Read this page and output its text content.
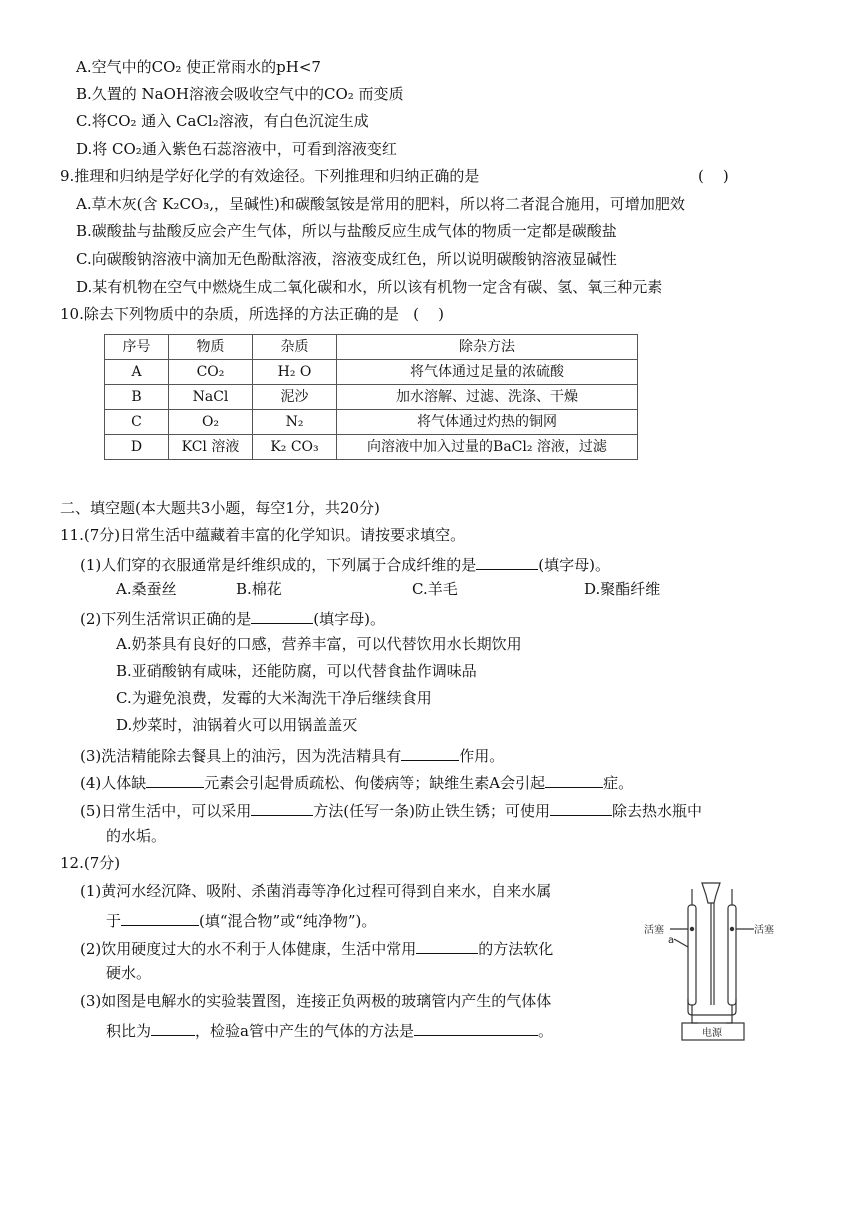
A.空气中的CO₂ 使正常雨水的pH<7
B.久置的 NaOH溶液会吸收空气中的CO₂ 而变质
C.将CO₂ 通入 CaCl₂溶液，有白色沉淀生成
D.将 CO₂通入紫色石蕊溶液中，可看到溶液变红
9.推理和归纳是学好化学的有效途径。下列推理和归纳正确的是	(    )
A.草木灰(含 K₂CO₃,，呈碱性)和碳酸氢铵是常用的肥料，所以将二者混合施用，可增加肥效
B.碳酸盐与盐酸反应会产生气体，所以与盐酸反应生成气体的物质一定都是碳酸盐
C.向碳酸钠溶液中滴加无色酚酞溶液，溶液变成红色，所以说明碳酸钠溶液显碱性
D.某有机物在空气中燃烧生成二氧化碳和水，所以该有机物一定含有碳、氢、氧三种元素
10.除去下列物质中的杂质，所选择的方法正确的是   (    )
序号	物质	杂质	除杂方法
A	CO₂	H₂ O	将气体通过足量的浓硫酸
B	NaCl	泥沙	加水溶解、过滤、洗涤、干燥
C	O₂	N₂	将气体通过灼热的铜网
D	KCl 溶液	K₂ CO₃	向溶液中加入过量的BaCl₂ 溶液，过滤
二、填空题(本大题共3小题，每空1分，共20分)
11.(7分)日常生活中蕴藏着丰富的化学知识。请按要求填空。
(1)人们穿的衣服通常是纤维织成的，下列属于合成纤维的是	(填字母)。
A.桑蚕丝	B.棉花	C.羊毛	D.聚酯纤维
(2)下列生活常识正确的是	(填字母)。
A.奶茶具有良好的口感，营养丰富，可以代替饮用水长期饮用
B.亚硝酸钠有咸味，还能防腐，可以代替食盐作调味品
C.为避免浪费，发霉的大米淘洗干净后继续食用
D.炒菜时，油锅着火可以用锅盖盖灭
(3)洗洁精能除去餐具上的油污，因为洗洁精具有	作用。
(4)人体缺	元素会引起骨质疏松、佝偻病等；缺维生素A会引起	症。
(5)日常生活中，可以采用	方法(任写一条)防止铁生锈；可使用	除去热水瓶中
的水垢。
12.(7分)
(1)黄河水经沉降、吸附、杀菌消毒等净化过程可得到自来水，自来水属
于	(填“混合物”或“纯净物”)。
(2)饮用硬度过大的水不利于人体健康，生活中常用	的方法软化
硬水。
(3)如图是电解水的实验装置图，连接正负两极的玻璃管内产生的气体体
积比为	，检验a管中产生的气体的方法是	。
活塞	活塞
a
电源
